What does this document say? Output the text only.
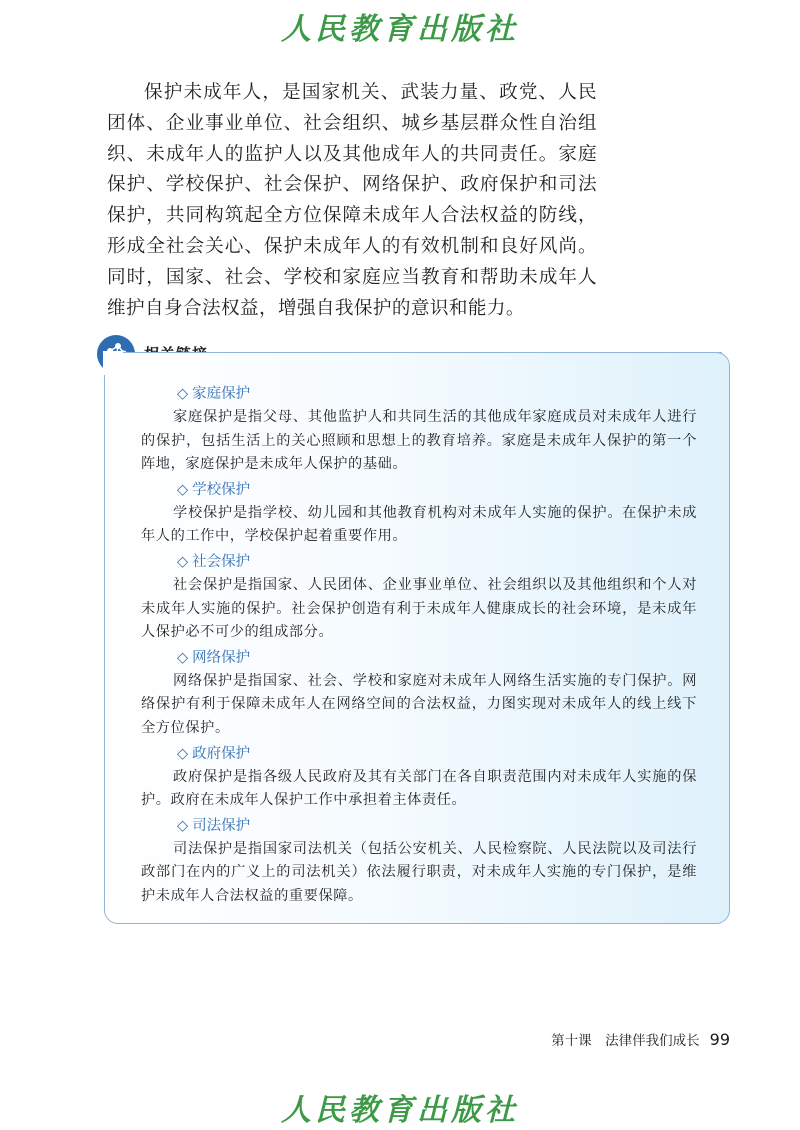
人民教育出版社

保护未成年人，是国家机关、武装力量、政党、人民团体、企业事业单位、社会组织、城乡基层群众性自治组织、未成年人的监护人以及其他成年人的共同责任。家庭保护、学校保护、社会保护、网络保护、政府保护和司法保护，共同构筑起全方位保障未成年人合法权益的防线，形成全社会关心、保护未成年人的有效机制和良好风尚。同时，国家、社会、学校和家庭应当教育和帮助未成年人维护自身合法权益，增强自我保护的意识和能力。

◇ 家庭保护

家庭保护是指父母、其他监护人和共同生活的其他成年家庭成员对未成年人进行的保护，包括生活上的关心照顾和思想上的教育培养。家庭是未成年人保护的第一个阵地，家庭保护是未成年人保护的基础。

◇ 学校保护

学校保护是指学校、幼儿园和其他教育机构对未成年人实施的保护。在保护未成年人的工作中，学校保护起着重要作用。

◇ 社会保护

社会保护是指国家、人民团体、企业事业单位、社会组织以及其他组织和个人对未成年人实施的保护。社会保护创造有利于未成年人健康成长的社会环境，是未成年人保护必不可少的组成部分。

◇ 网络保护

网络保护是指国家、社会、学校和家庭对未成年人网络生活实施的专门保护。网络保护有利于保障未成年人在网络空间的合法权益，力图实现对未成年人的线上线下全方位保护。

◇ 政府保护

政府保护是指各级人民政府及其有关部门在各自职责范围内对未成年人实施的保护。政府在未成年人保护工作中承担着主体责任。

◇ 司法保护

司法保护是指国家司法机关（包括公安机关、人民检察院、人民法院以及司法行政部门在内的广义上的司法机关）依法履行职责，对未成年人实施的专门保护，是维护未成年人合法权益的重要保障。

第十课　法律伴我们成长 99
人民教育出版社
